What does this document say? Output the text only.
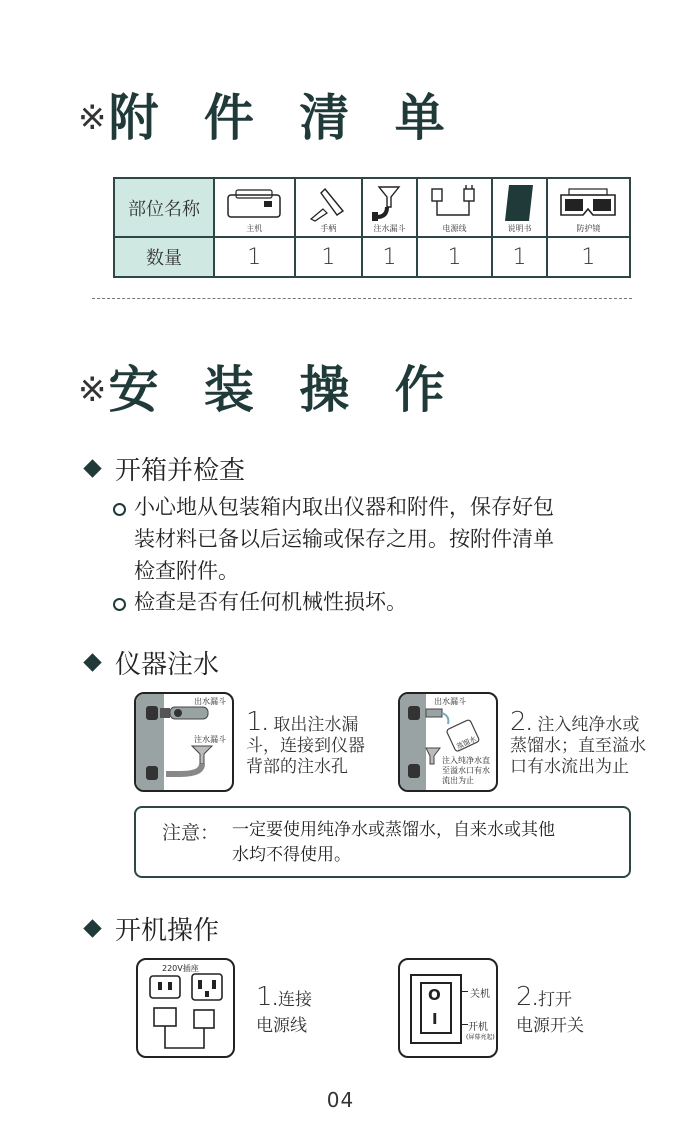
※附 件 清 单
部位名称	主机	手柄	注水漏斗	电源线	说明书	防护镜

数量	1	1	1	1	1	1
※安 装 操 作
开箱并检查
小心地从包装箱内取出仪器和附件，保存好包
装材料已备以后运输或保存之用。按附件清单
检查附件。
检查是否有任何机械性损坏。
仪器注水
出水漏斗
注水漏斗
1. 取出注水漏
斗，连接到仪器
背部的注水孔
出水漏斗
蒸馏水
注入纯净水直
至溢水口有水
流出为止
2. 注入纯净水或
蒸馏水；直至溢水
口有水流出为止
注意： 一定要使用纯净水或蒸馏水，自来水或其他
水均不得使用。
开机操作
220V插座
1.连接
电源线
O
I
关机
开机
(屏幕亮起)
2.打开
电源开关
04
